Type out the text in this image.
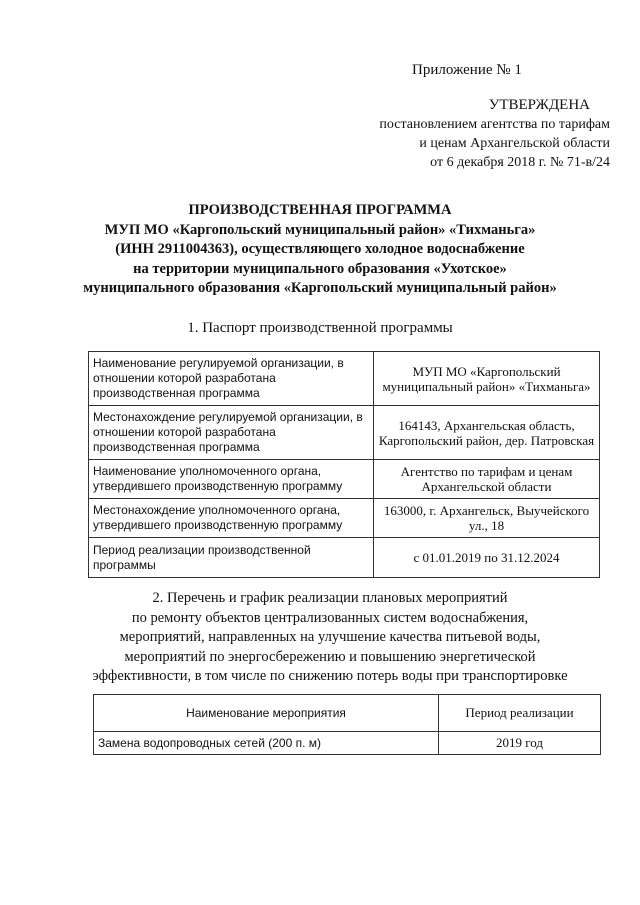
Приложение № 1
УТВЕРЖДЕНА
постановлением агентства по тарифам
и ценам Архангельской области
от 6 декабря 2018 г. № 71-в/24
ПРОИЗВОДСТВЕННАЯ ПРОГРАММА
МУП МО «Каргопольский муниципальный район» «Тихманьга»
(ИНН 2911004363), осуществляющего холодное водоснабжение
на территории муниципального образования «Ухотское»
муниципального образования «Каргопольский муниципальный район»
1. Паспорт производственной программы
Наименование регулируемой организации, в отношении которой разработана производственная программа	МУП МО «Каргопольский муниципальный район» «Тихманьга»
Местонахождение регулируемой организации, в отношении которой разработана производственная программа	164143, Архангельская область, Каргопольский район, дер. Патровская
Наименование уполномоченного органа, утвердившего производственную программу	Агентство по тарифам и ценам Архангельской области
Местонахождение уполномоченного органа, утвердившего производственную программу	163000, г. Архангельск, Выучейского ул., 18
Период реализации производственной программы	с 01.01.2019 по 31.12.2024
2. Перечень и график реализации плановых мероприятий
по ремонту объектов централизованных систем водоснабжения,
мероприятий, направленных на улучшение качества питьевой воды,
мероприятий по энергосбережению и повышению энергетической
эффективности, в том числе по снижению потерь воды при транспортировке
Наименование мероприятия	Период реализации
Замена водопроводных сетей (200 п. м)	2019 год
